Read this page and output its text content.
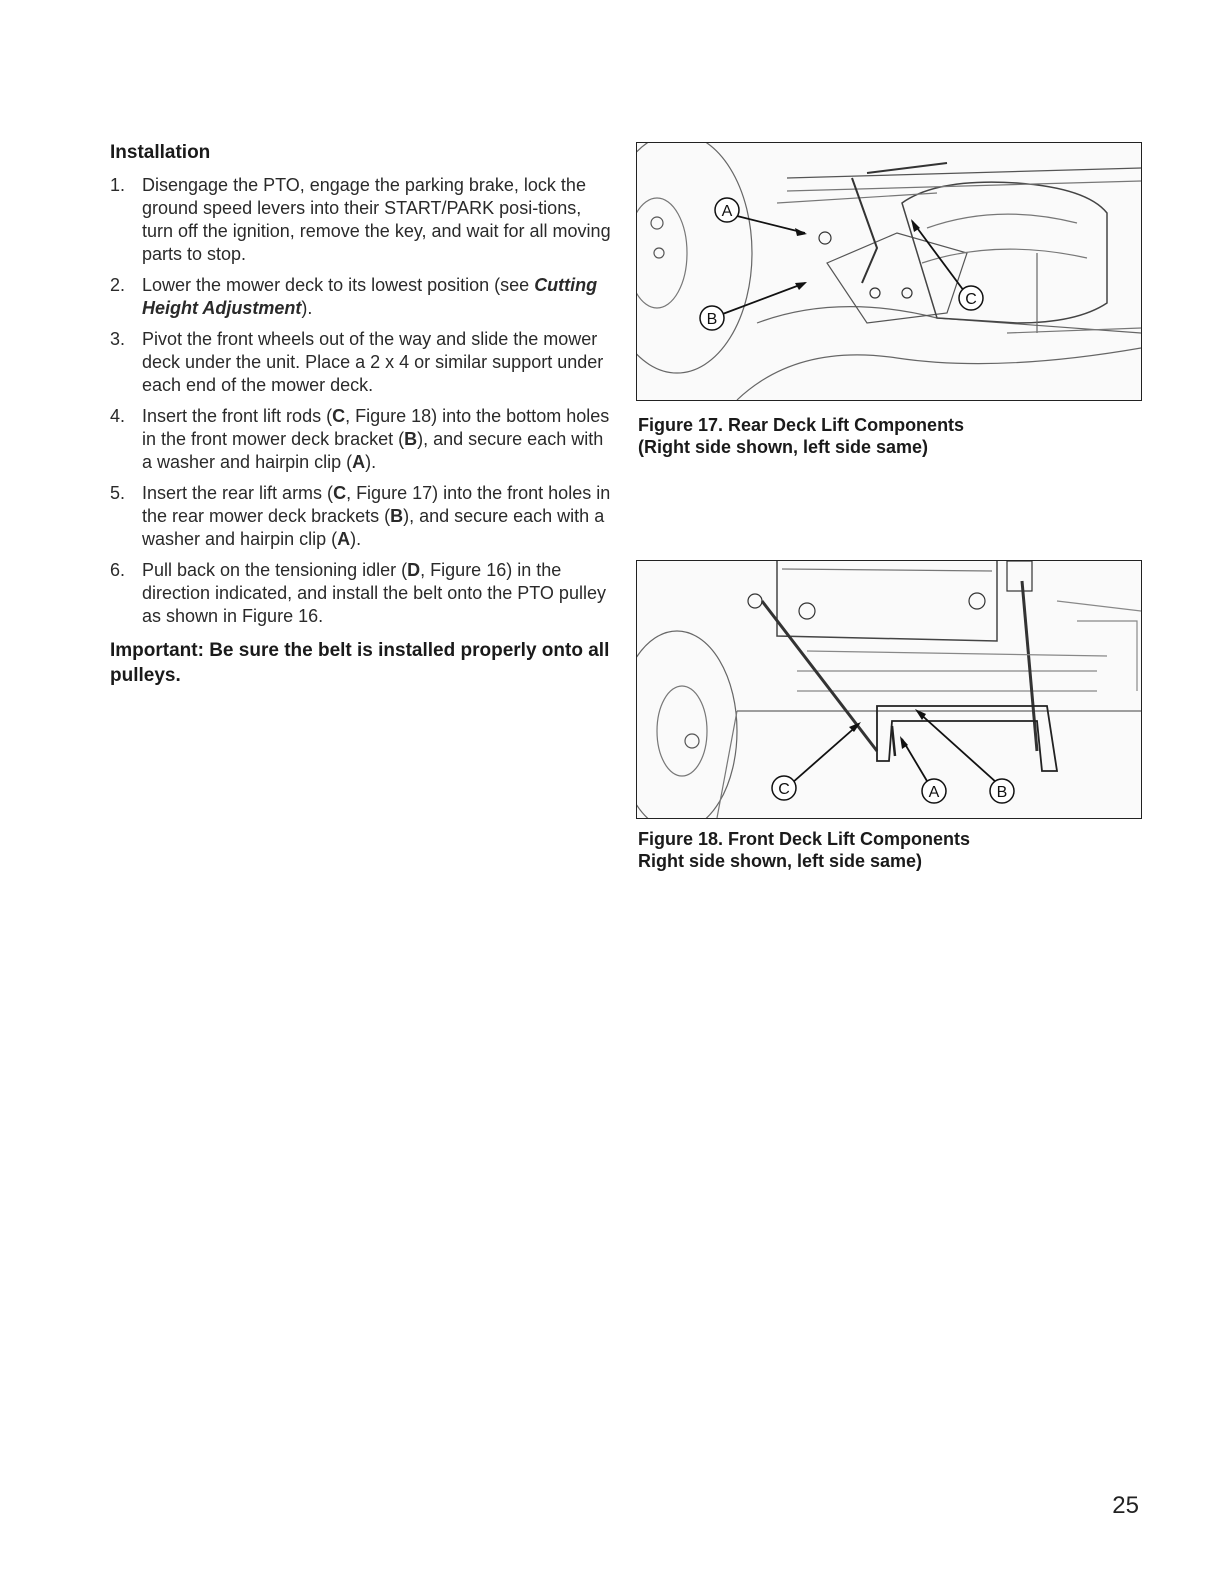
Installation
1. Disengage the PTO, engage the parking brake, lock the ground speed levers into their START/PARK posi-tions, turn off the ignition, remove the key, and wait for all moving parts to stop.
2. Lower the mower deck to its lowest position (see Cutting Height Adjustment).
3. Pivot the front wheels out of the way and slide the mower deck under the unit. Place a 2 x 4 or similar support under each end of the mower deck.
4. Insert the front lift rods (C, Figure 18) into the bottom holes in the front mower deck bracket (B), and secure each with a washer and hairpin clip (A).
5. Insert the rear lift arms (C, Figure 17) into the front holes in the rear mower deck brackets (B), and secure each with a washer and hairpin clip (A).
6. Pull back on the tensioning idler (D, Figure 16) in the direction indicated, and install the belt onto the PTO pulley as shown in Figure 16.
Important: Be sure the belt is installed properly onto all pulleys.
A
B
C
Figure 17. Rear Deck Lift Components
(Right side shown, left side same)
C	A	B
Figure 18. Front Deck Lift Components
Right side shown, left side same)
25
